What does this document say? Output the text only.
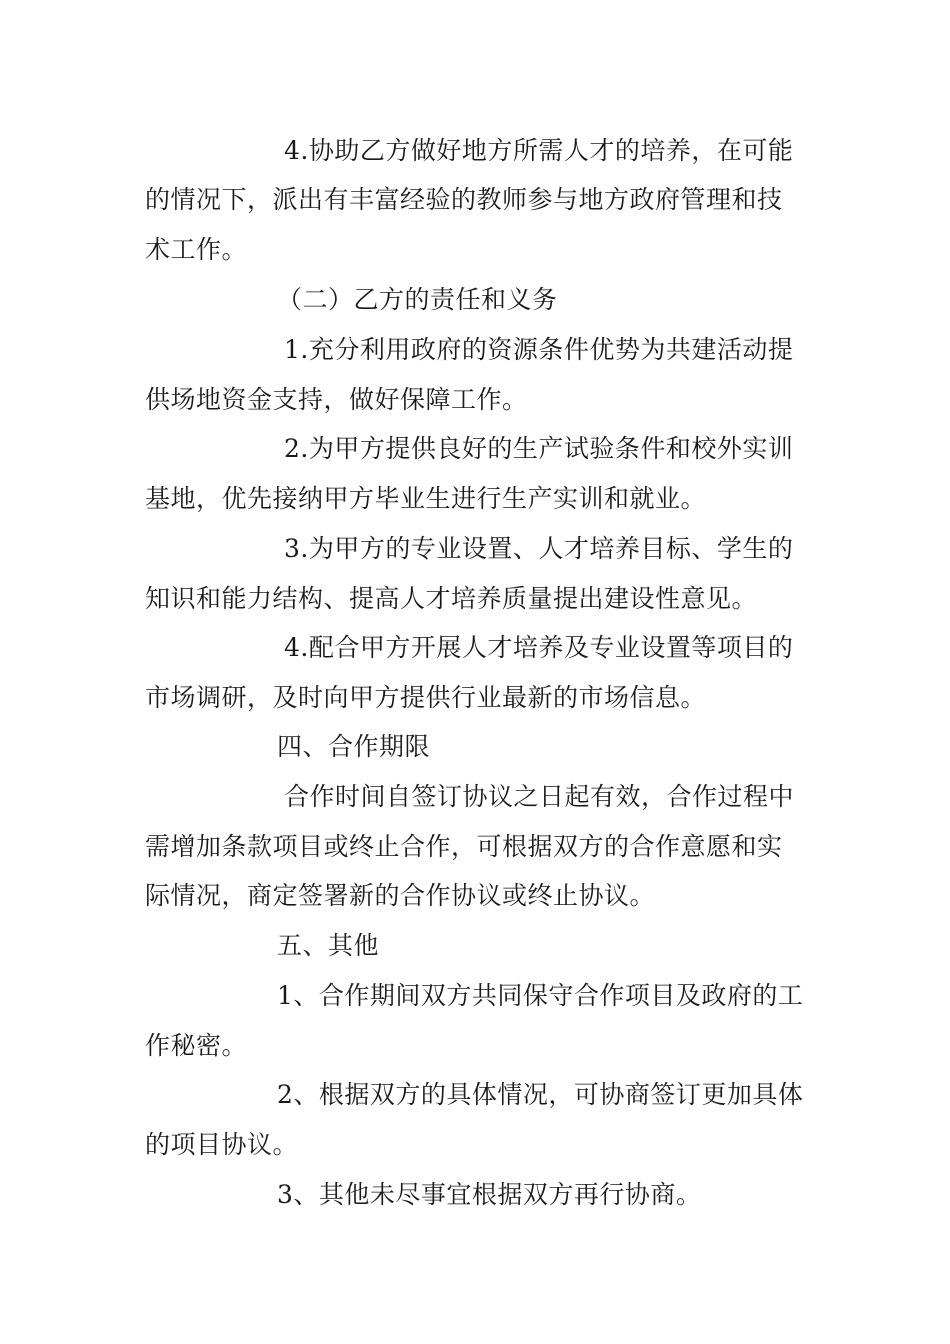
4.协助乙方做好地方所需人才的培养，在可能
的情况下，派出有丰富经验的教师参与地方政府管理和技
术工作。
（二）乙方的责任和义务
1.充分利用政府的资源条件优势为共建活动提
供场地资金支持，做好保障工作。
2.为甲方提供良好的生产试验条件和校外实训
基地，优先接纳甲方毕业生进行生产实训和就业。
3.为甲方的专业设置、人才培养目标、学生的
知识和能力结构、提高人才培养质量提出建设性意见。
4.配合甲方开展人才培养及专业设置等项目的
市场调研，及时向甲方提供行业最新的市场信息。
四、合作期限
合作时间自签订协议之日起有效，合作过程中
需增加条款项目或终止合作，可根据双方的合作意愿和实
际情况，商定签署新的合作协议或终止协议。
五、其他
1、合作期间双方共同保守合作项目及政府的工
作秘密。
2、根据双方的具体情况，可协商签订更加具体
的项目协议。
3、其他未尽事宜根据双方再行协商。
